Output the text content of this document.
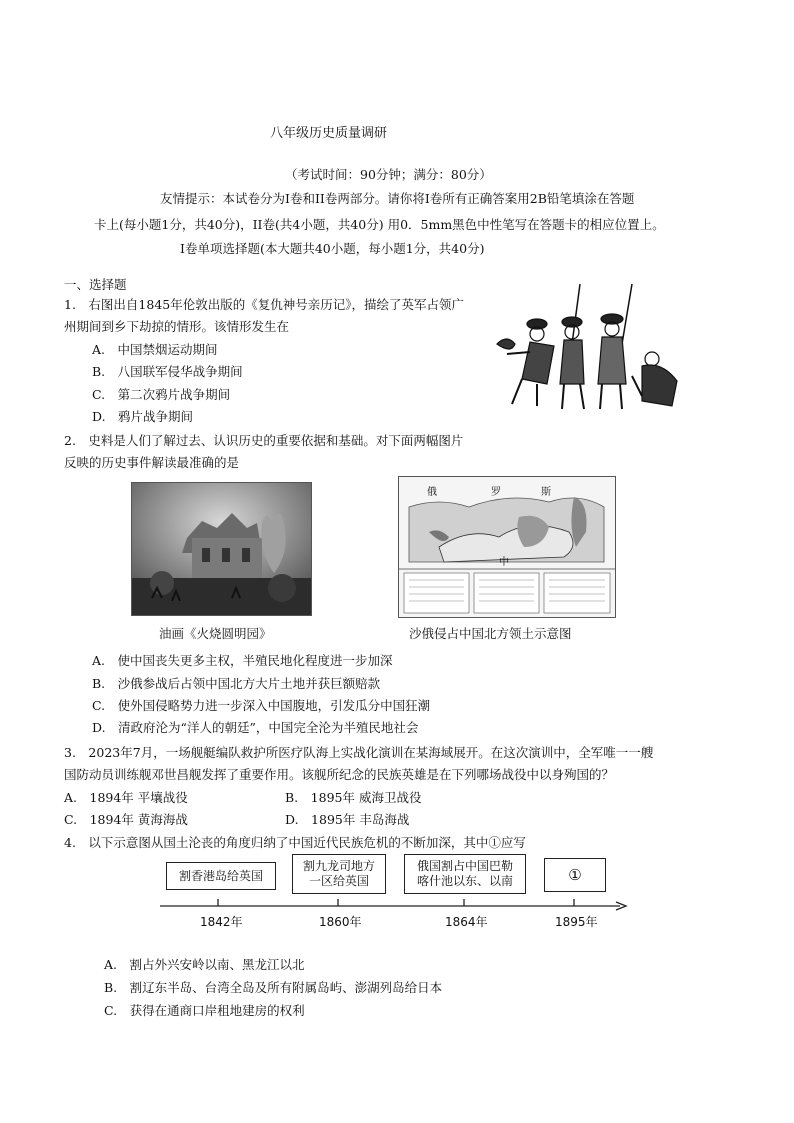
八年级历史质量调研
（考试时间：90分钟；满分：80分）
友情提示：本试卷分为Ⅰ卷和II卷两部分。请你将Ⅰ卷所有正确答案用2B铅笔填涂在答题
卡上(每小题1分，共40分)，II卷(共4小题，共40分) 用0．5mm黑色中性笔写在答题卡的相应位置上。
Ⅰ卷单项选择题(本大题共40小题，每小题1分，共40分)
一、选择题
1.　右图出自1845年伦敦出版的《复仇神号亲历记》，描绘了英军占领广
州期间到乡下劫掠的情形。该情形发生在
A.　中国禁烟运动期间
B.　八国联军侵华战争期间
C.　第二次鸦片战争期间
D.　鸦片战争期间
2.　史料是人们了解过去、认识历史的重要依据和基础。对下面两幅图片
反映的历史事件解读最准确的是
俄	罗	斯
中
油画《火烧圆明园》	沙俄侵占中国北方领土示意图
A.　使中国丧失更多主权，半殖民地化程度进一步加深
B.　沙俄参战后占领中国北方大片土地并获巨额赔款
C.　使外国侵略势力进一步深入中国腹地，引发瓜分中国狂潮
D.　清政府沦为“洋人的朝廷”，中国完全沦为半殖民地社会
3.　2023年7月，一场舰艇编队救护所医疗队海上实战化演训在某海域展开。在这次演训中，全军唯一一艘
国防动员训练舰邓世昌舰发挥了重要作用。该舰所纪念的民族英雄是在下列哪场战役中以身殉国的？
A.　1894年 平壤战役	B.　1895年 威海卫战役
C.　1894年 黄海海战	D.　1895年 丰岛海战
4.　以下示意图从国土沦丧的角度归纳了中国近代民族危机的不断加深，其中①应写
割香港岛给英国
割九龙司地方
一区给英国
俄国割占中国巴勒
喀什池以东、以南	①
1842年	1860年	1864年	1895年
A.　割占外兴安岭以南、黑龙江以北
B.　割辽东半岛、台湾全岛及所有附属岛屿、澎湖列岛给日本
C.　获得在通商口岸租地建房的权利
